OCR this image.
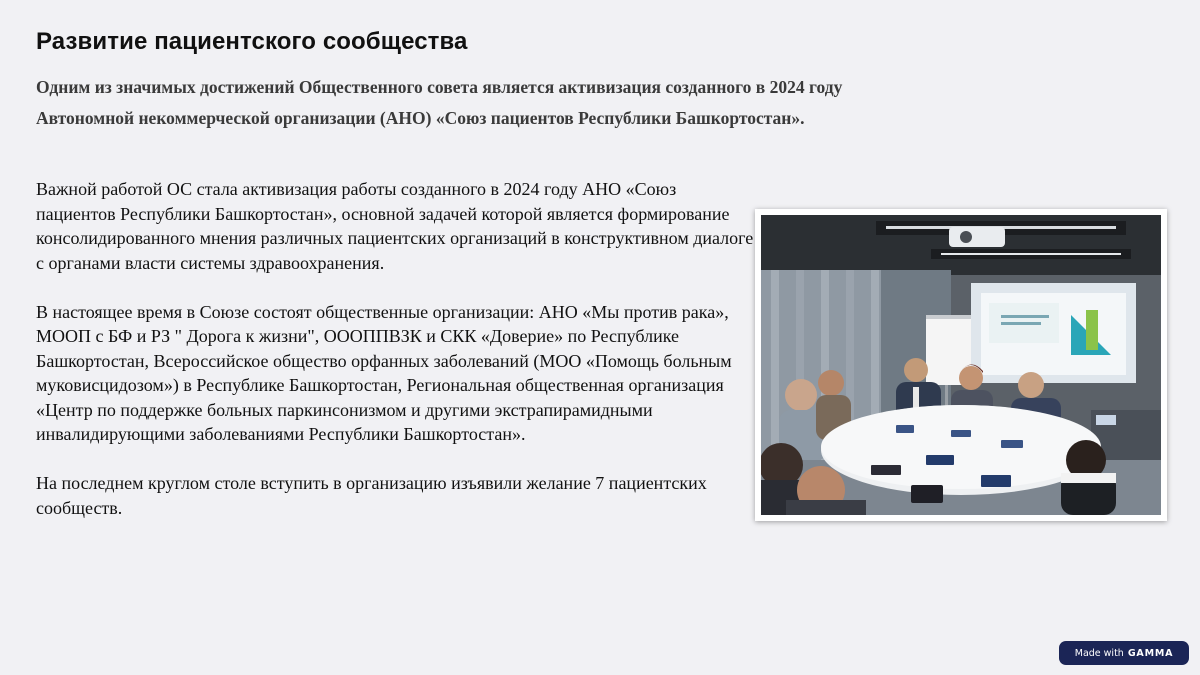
Развитие пациентского сообщества
Одним из значимых достижений Общественного совета является активизация созданного в 2024 году
Автономной некоммерческой организации (АНО) «Союз пациентов Республики Башкортостан».

Важной работой ОС стала активизация работы созданного в 2024 году АНО «Союз пациентов Республики Башкортостан», основной задачей которой является формирование консолидированного мнения различных пациентских организаций в конструктивном диалоге с органами власти системы здравоохранения.

В настоящее время в Союзе состоят общественные организации: АНО «Мы против рака», МООП с БФ и РЗ " Дорога к жизни", ОООППВЗК и СКК «Доверие» по Республике Башкортостан, Всероссийское общество орфанных заболеваний (МОО «Помощь больным муковисцидозом») в Республике Башкортостан, Региональная общественная организация «Центр по поддержке больных паркинсонизмом и другими экстрапирамидными инвалидирующими заболеваниями Республики Башкортостан».

На последнем круглом столе вступить в организацию изъявили желание 7 пациентских сообществ.

Made with GAMMA
